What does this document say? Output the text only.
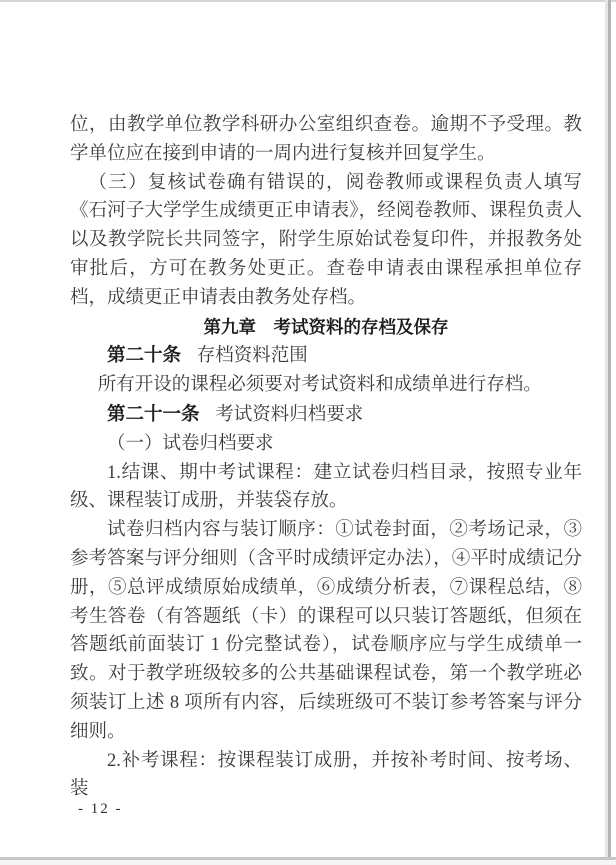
位，由教学单位教学科研办公室组织查卷。逾期不予受理。教学单位应在接到申请的一周内进行复核并回复学生。

（三）复核试卷确有错误的，阅卷教师或课程负责人填写《石河子大学学生成绩更正申请表》，经阅卷教师、课程负责人以及教学院长共同签字，附学生原始试卷复印件，并报教务处审批后，方可在教务处更正。查卷申请表由课程承担单位存档，成绩更正申请表由教务处存档。

第九章　考试资料的存档及保存

第二十条 存档资料范围

所有开设的课程必须要对考试资料和成绩单进行存档。

第二十一条 考试资料归档要求

（一）试卷归档要求

1.结课、期中考试课程：建立试卷归档目录，按照专业年级、课程装订成册，并装袋存放。

试卷归档内容与装订顺序：①试卷封面，②考场记录，③参考答案与评分细则（含平时成绩评定办法），④平时成绩记分册，⑤总评成绩原始成绩单，⑥成绩分析表，⑦课程总结，⑧考生答卷（有答题纸（卡）的课程可以只装订答题纸，但须在答题纸前面装订 1 份完整试卷），试卷顺序应与学生成绩单一致。对于教学班级较多的公共基础课程试卷，第一个教学班必须装订上述 8 项所有内容，后续班级可不装订参考答案与评分细则。

2.补考课程：按课程装订成册，并按补考时间、按考场、装

- 12 -
